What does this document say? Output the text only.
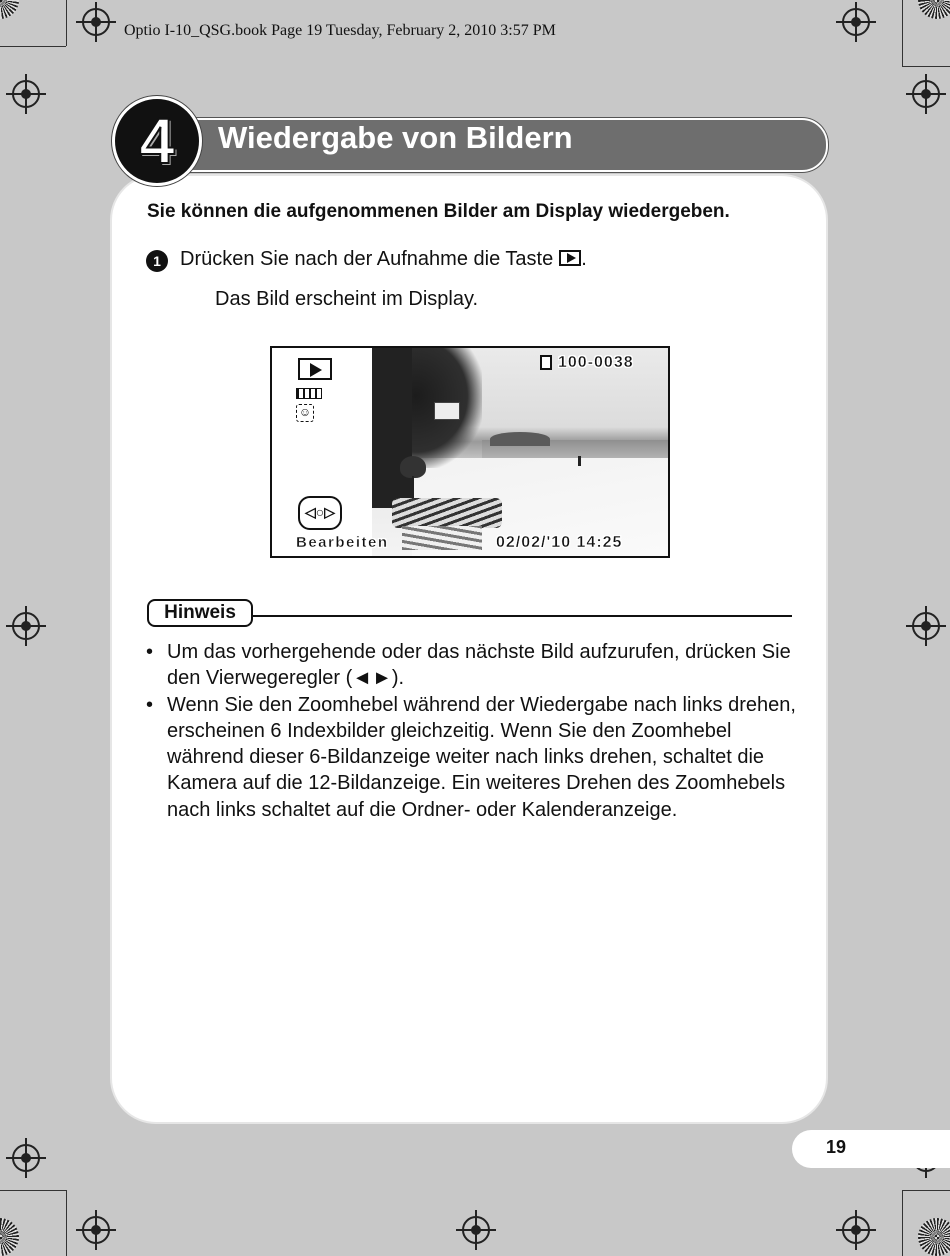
Optio I-10_QSG.book Page 19 Tuesday, February 2, 2010 3:57 PM
Wiedergabe von Bildern
4
Sie können die aufgenommenen Bilder am Display wiedergeben.
1 Drücken Sie nach der Aufnahme die Taste .
Das Bild erscheint im Display.
☺
◁○▷
100-0038
02/02/'10 14:25
Bearbeiten
Hinweis
• Um das vorhergehende oder das nächste Bild aufzurufen, drücken Sie den Vierwegeregler (◄►).
• Wenn Sie den Zoomhebel während der Wiedergabe nach links drehen, erscheinen 6 Indexbilder gleichzeitig. Wenn Sie den Zoomhebel während dieser 6-Bildanzeige weiter nach links drehen, schaltet die Kamera auf die 12-Bildanzeige. Ein weiteres Drehen des Zoomhebels nach links schaltet auf die Ordner- oder Kalenderanzeige.
19
